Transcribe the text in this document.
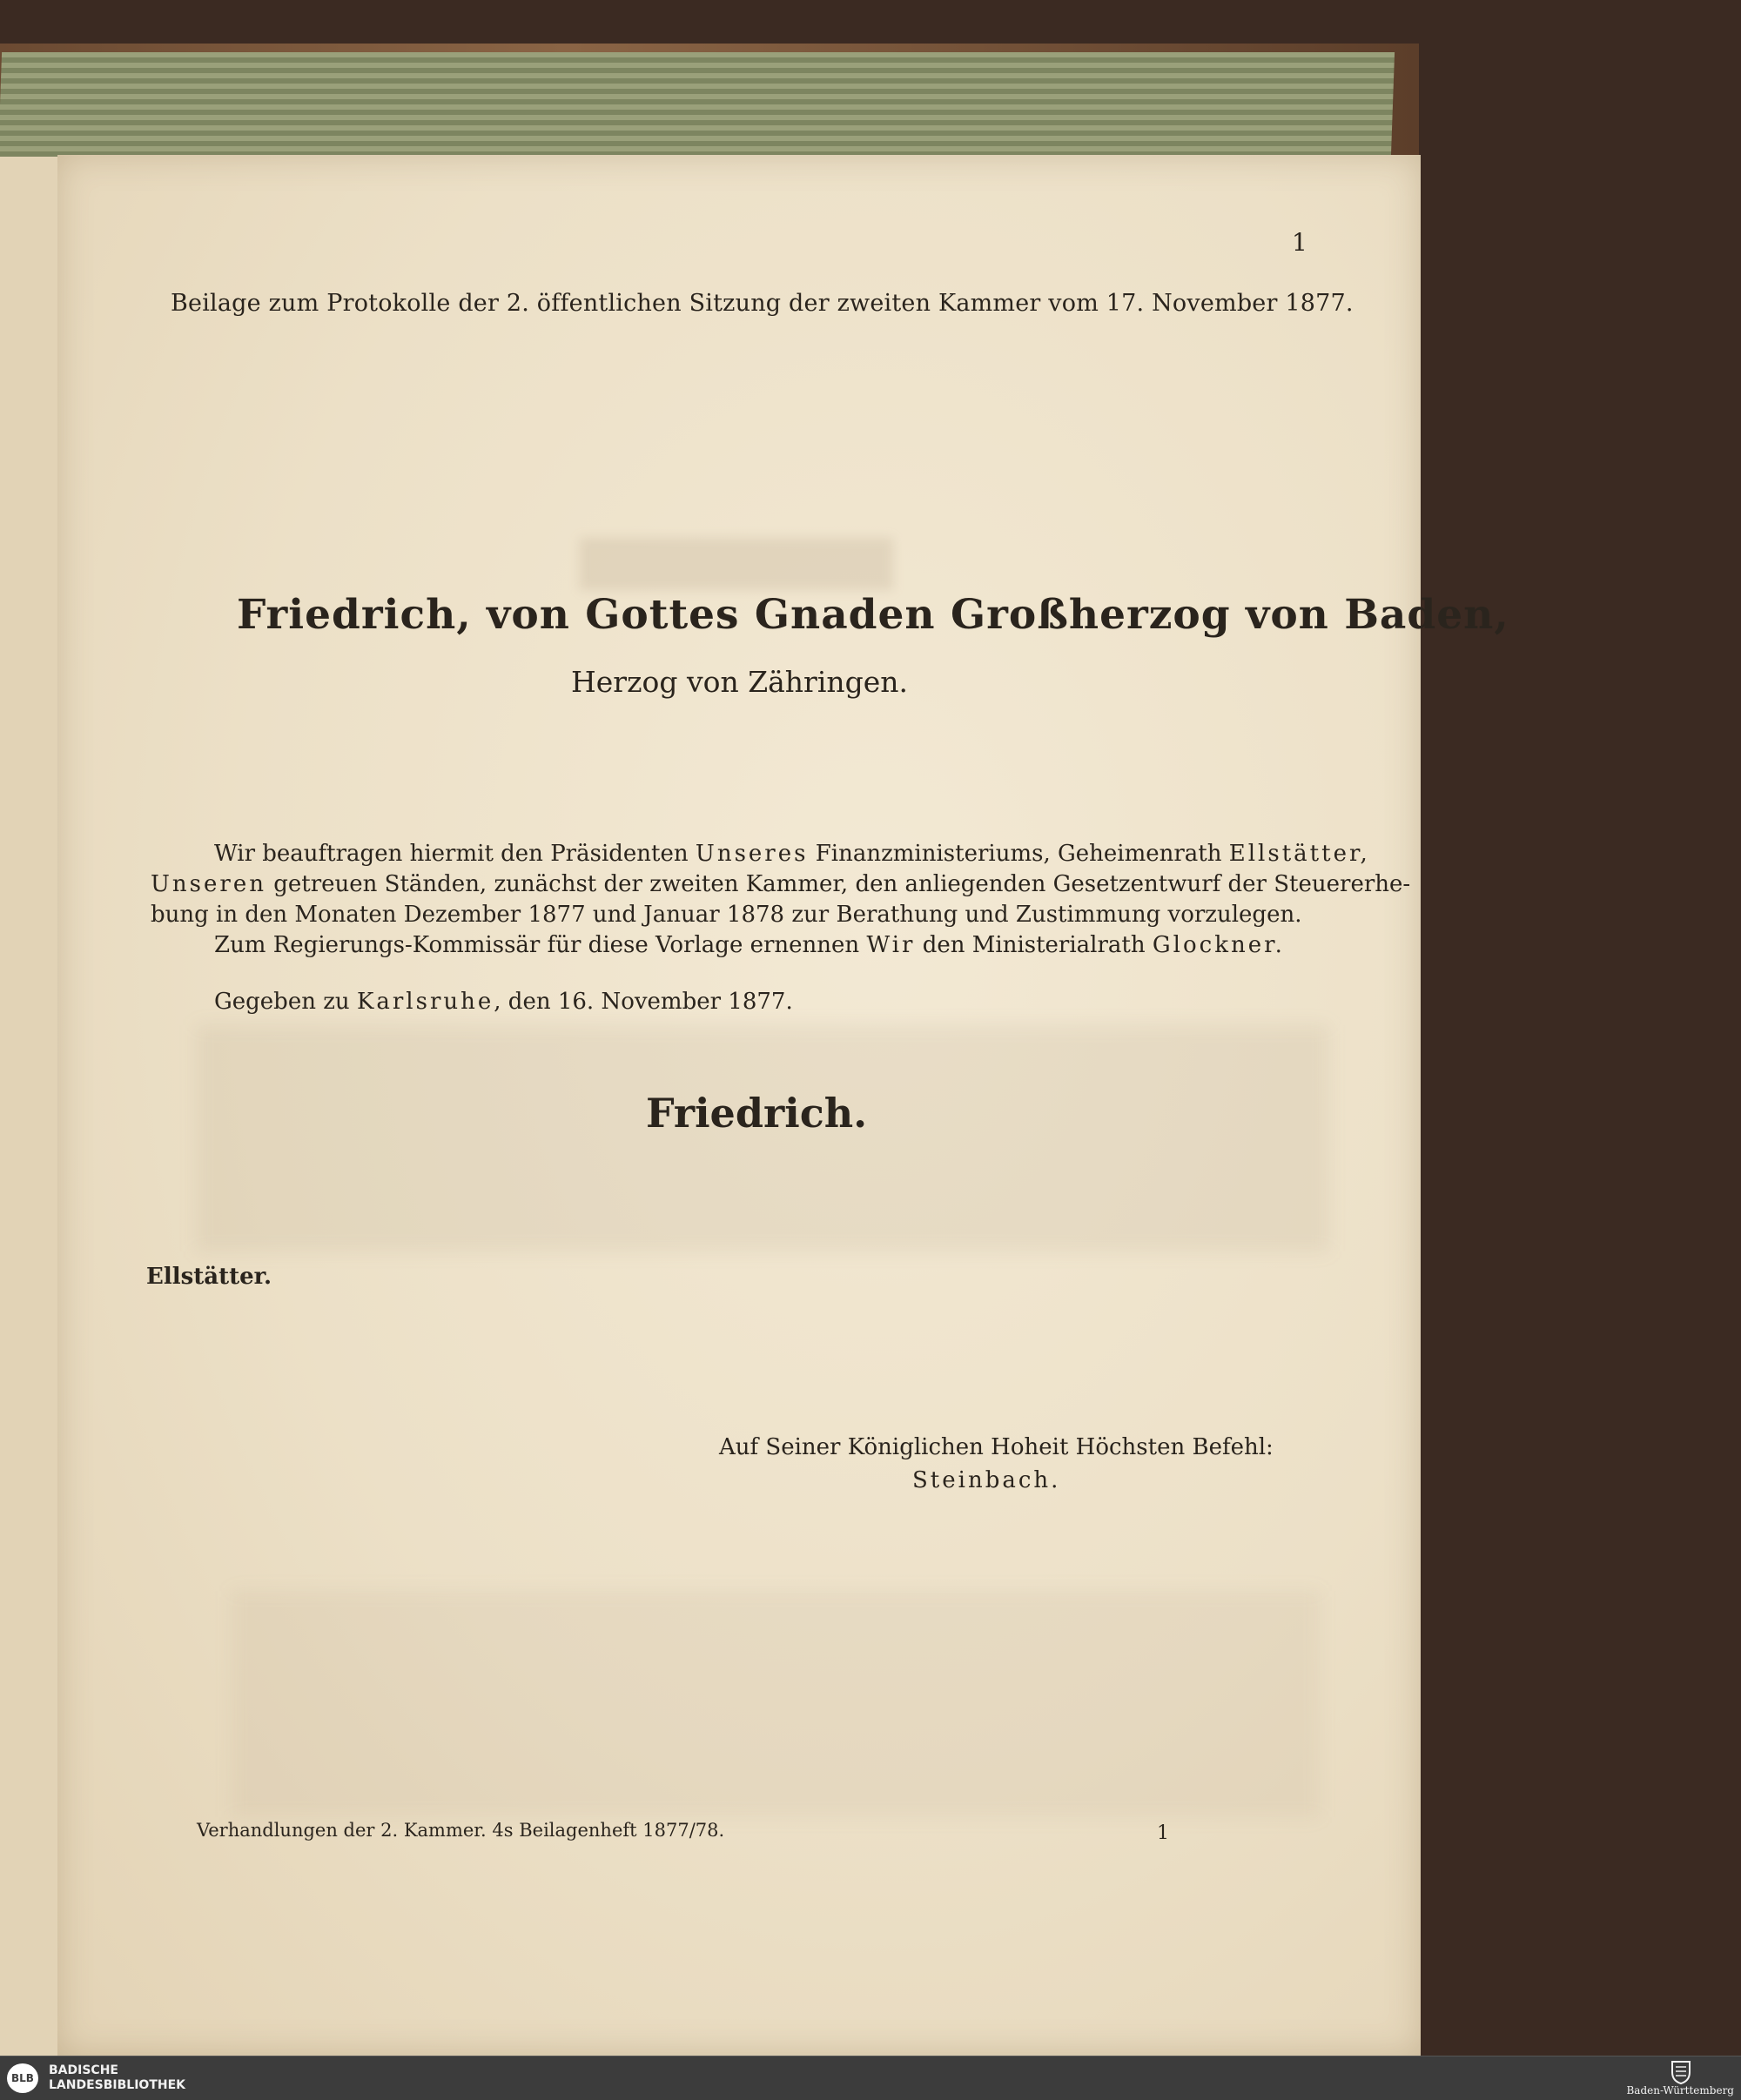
1
Beilage zum Protokolle der 2. öffentlichen Sitzung der zweiten Kammer vom 17. November 1877.
Friedrich, von Gottes Gnaden Großherzog von Baden,
Herzog von Zähringen.
Wir beauftragen hiermit den Präsidenten Unseres Finanzministeriums, Geheimenrath Ellstätter,
Unseren getreuen Ständen, zunächst der zweiten Kammer, den anliegenden Gesetzentwurf der Steuererhe-
bung in den Monaten Dezember 1877 und Januar 1878 zur Berathung und Zustimmung vorzulegen.
Zum Regierungs-Kommissär für diese Vorlage ernennen Wir den Ministerialrath Glockner.
Gegeben zu Karlsruhe, den 16. November 1877.
Friedrich.
Ellstätter.
Auf Seiner Königlichen Hoheit Höchsten Befehl:
Steinbach.
Verhandlungen der 2. Kammer. 4s Beilagenheft 1877/78.	1
BLB
BADISCHE
LANDESBIBLIOTHEK	Baden-Württemberg
